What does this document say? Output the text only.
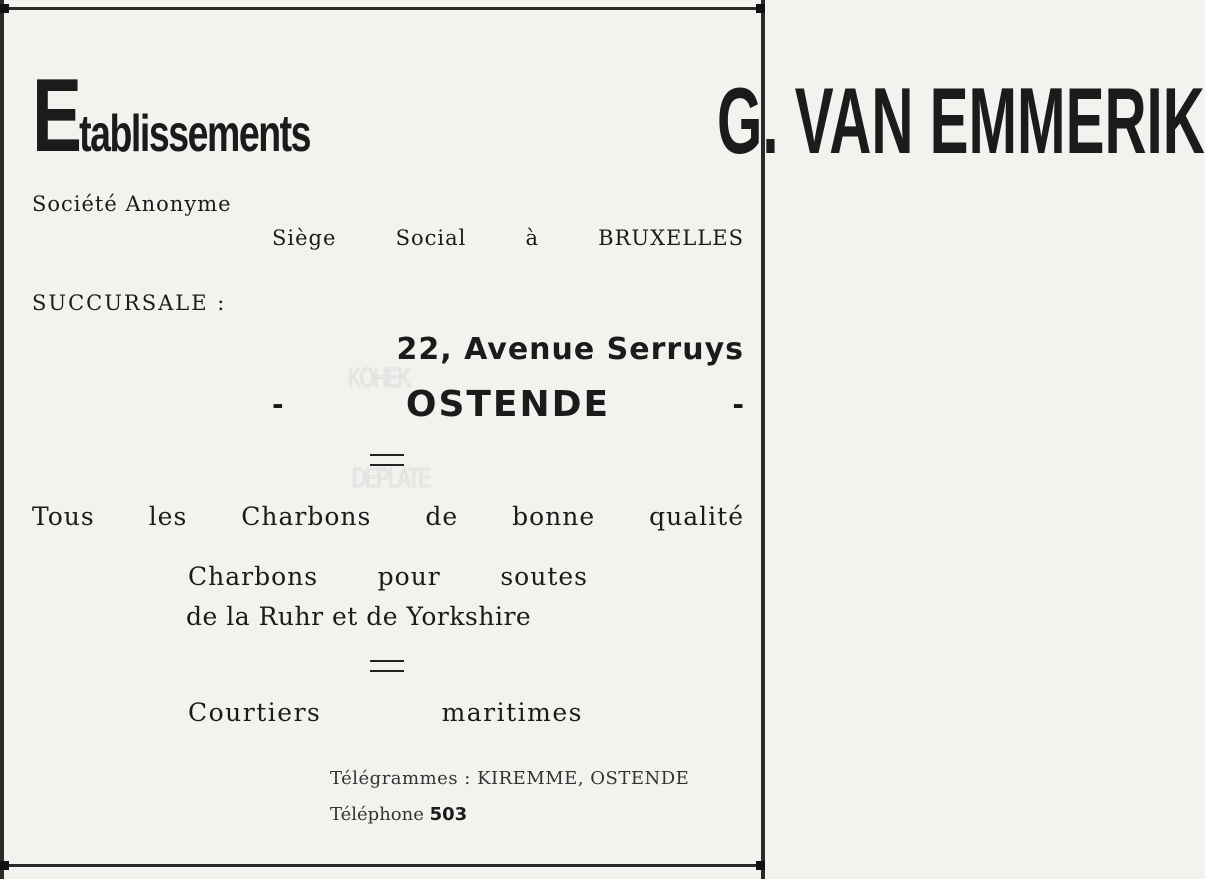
Etablissements	G. VAN EMMERIK
Société Anonyme
Siège	Social	à	BRUXELLES
SUCCURSALE :
22, Avenue Serruys
-	OSTENDE	-
KOHEK
DEPLATE
Tous les Charbons de bonne qualité
Charbons pour soutes
de la Ruhr et de Yorkshire
Courtiers	maritimes
Télégrammes : KIREMME, OSTENDE
Téléphone 503
